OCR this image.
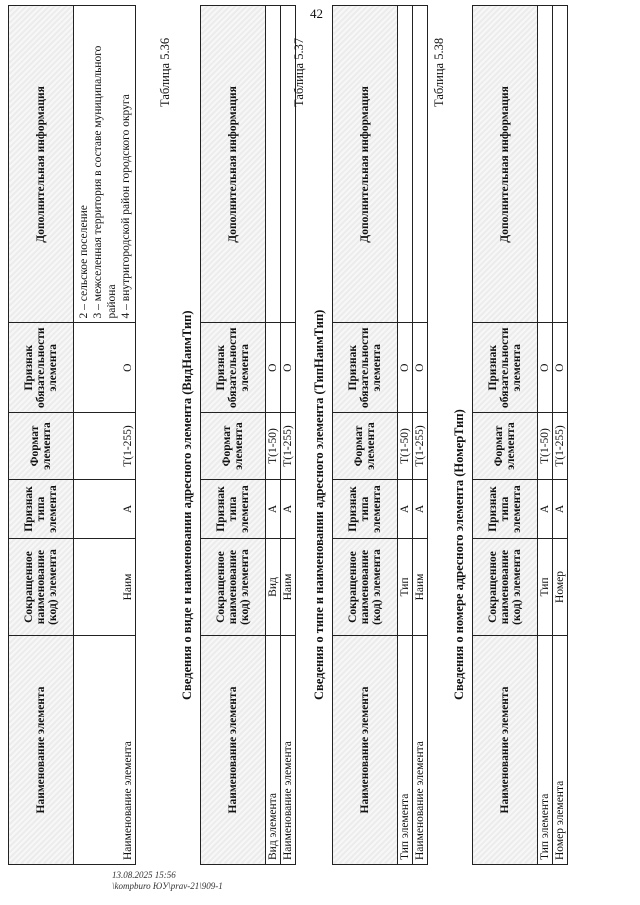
42
Наименование элемента	Сокращенное наименование (код) элемента	Признак типа элемента	Формат элемента	Признак обязательности элемента	Дополнительная информация
Наименование элемента	Наим	A	T(1-255)	O	2 – сельское поселение 3 – межселенная территория в составе муниципального района 4 – внутригородской район городского округа
Таблица 5.36
Сведения о виде и наименовании адресного элемента (ВидНаимТип)
Наименование элемента	Сокращенное наименование (код) элемента	Признак типа элемента	Формат элемента	Признак обязательности элемента	Дополнительная информация
Вид элемента	Вид	A	T(1-50)	O	
Наименование элемента	Наим	A	T(1-255)	O	
Таблица 5.37
Сведения о типе и наименовании адресного элемента (ТипНаимТип)
Наименование элемента	Сокращенное наименование (код) элемента	Признак типа элемента	Формат элемента	Признак обязательности элемента	Дополнительная информация
Тип элемента	Тип	A	T(1-50)	O	
Наименование элемента	Наим	A	T(1-255)	O	
Таблица 5.38
Сведения о номере адресного элемента (НомерТип)
Наименование элемента	Сокращенное наименование (код) элемента	Признак типа элемента	Формат элемента	Признак обязательности элемента	Дополнительная информация
Тип элемента	Тип	A	T(1-50)	O	
Номер элемента	Номер	A	T(1-255)	O	
13.08.2025 15:56
\kompburo ЮУ\prav-21\909-1
